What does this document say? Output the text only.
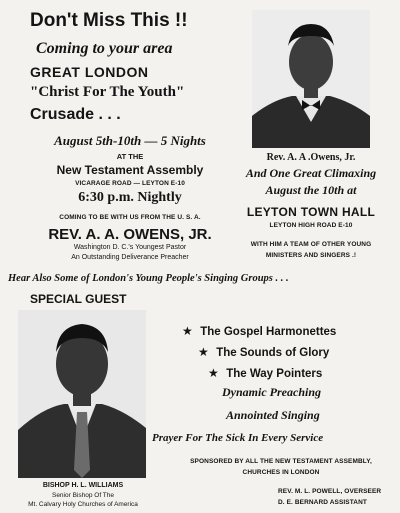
Don't Miss This !!
Coming to your area
GREAT LONDON
"Christ For The Youth"
Crusade . . .
August 5th-10th — 5 Nights
AT THE
New Testament Assembly
VICARAGE ROAD — LEYTON E-10
6:30 p.m. Nightly
COMING TO BE WITH US FROM THE U. S. A.
REV. A. A. OWENS, JR.
Washington D. C.'s Youngest Pastor
An Outstanding Deliverance Preacher
Rev. A. A .Owens, Jr.
And One Great Climaxing
August the 10th at
LEYTON TOWN HALL
LEYTON HIGH ROAD E-10
WITH HIM A TEAM OF OTHER YOUNG
MINISTERS AND SINGERS .!
Hear Also Some of London's Young People's Singing Groups . . .
SPECIAL GUEST
BISHOP H. L. WILLIAMS
Senior Bishop Of The
Mt. Calvary Holy Churches of America
★ The Gospel Harmonettes
★ The Sounds of Glory
★ The Way Pointers
Dynamic Preaching
Annointed Singing
Prayer For The Sick In Every Service
SPONSORED BY ALL THE NEW TESTAMENT ASSEMBLY,
CHURCHES IN LONDON
REV. M. L. POWELL, OVERSEER
D. E. BERNARD ASSISTANT
